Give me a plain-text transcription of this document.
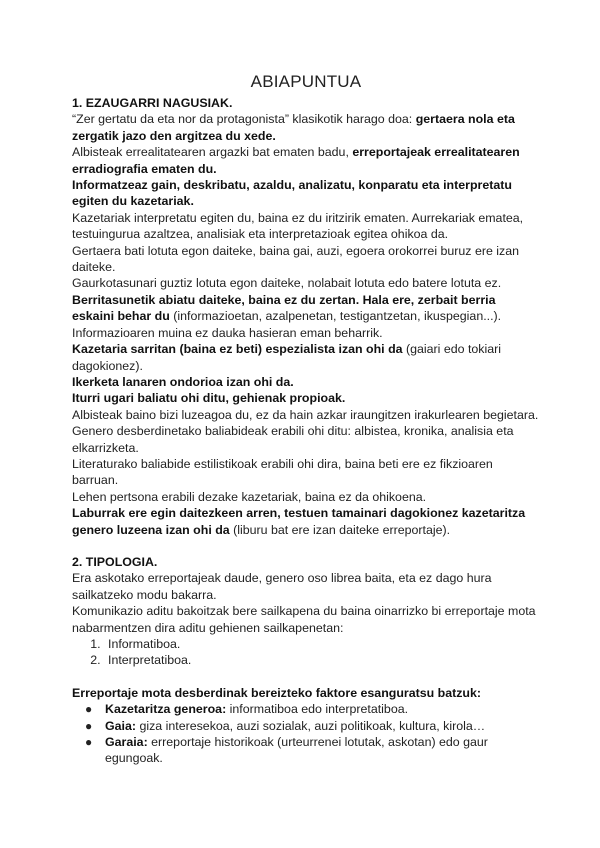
ABIAPUNTUA

1. EZAUGARRI NAGUSIAK.

“Zer gertatu da eta nor da protagonista” klasikotik harago doa: gertaera nola eta zergatik jazo den argitzea du xede.

Albisteak errealitatearen argazki bat ematen badu, erreportajeak errealitatearen erradiografia ematen du.

Informatzeaz gain, deskribatu, azaldu, analizatu, konparatu eta interpretatu egiten du kazetariak.

Kazetariak interpretatu egiten du, baina ez du iritzirik ematen. Aurrekariak ematea, testuingurua azaltzea, analisiak eta interpretazioak egitea ohikoa da.

Gertaera bati lotuta egon daiteke, baina gai, auzi, egoera orokorrei buruz ere izan daiteke.

Gaurkotasunari guztiz lotuta egon daiteke, nolabait lotuta edo batere lotuta ez.

Berritasunetik abiatu daiteke, baina ez du zertan. Hala ere, zerbait berria eskaini behar du (informazioetan, azalpenetan, testigantzetan, ikuspegian...).

Informazioaren muina ez dauka hasieran eman beharrik.

Kazetaria sarritan (baina ez beti) espezialista izan ohi da (gaiari edo tokiari dagokionez).

Ikerketa lanaren ondorioa izan ohi da.

Iturri ugari baliatu ohi ditu, gehienak propioak.

Albisteak baino bizi luzeagoa du, ez da hain azkar iraungitzen irakurlearen begietara.

Genero desberdinetako baliabideak erabili ohi ditu: albistea, kronika, analisia eta elkarrizketa.

Literaturako baliabide estilistikoak erabili ohi dira, baina beti ere ez fikzioaren barruan.

Lehen pertsona erabili dezake kazetariak, baina ez da ohikoena.

Laburrak ere egin daitezkeen arren, testuen tamainari dagokionez kazetaritza genero luzeena izan ohi da (liburu bat ere izan daiteke erreportaje).

2. TIPOLOGIA.

Era askotako erreportajeak daude, genero oso librea baita, eta ez dago hura sailkatzeko modu bakarra.

Komunikazio aditu bakoitzak bere sailkapena du baina oinarrizko bi erreportaje mota nabarmentzen dira aditu gehienen sailkapenetan:

1. Informatiboa.
2. Interpretatiboa.

Erreportaje mota desberdinak bereizteko faktore esanguratsu batzuk:

● Kazetaritza generoa: informatiboa edo interpretatiboa.
● Gaia: giza interesekoa, auzi sozialak, auzi politikoak, kultura, kirola…
● Garaia: erreportaje historikoak (urteurrenei lotutak, askotan) edo gaur egungoak.
